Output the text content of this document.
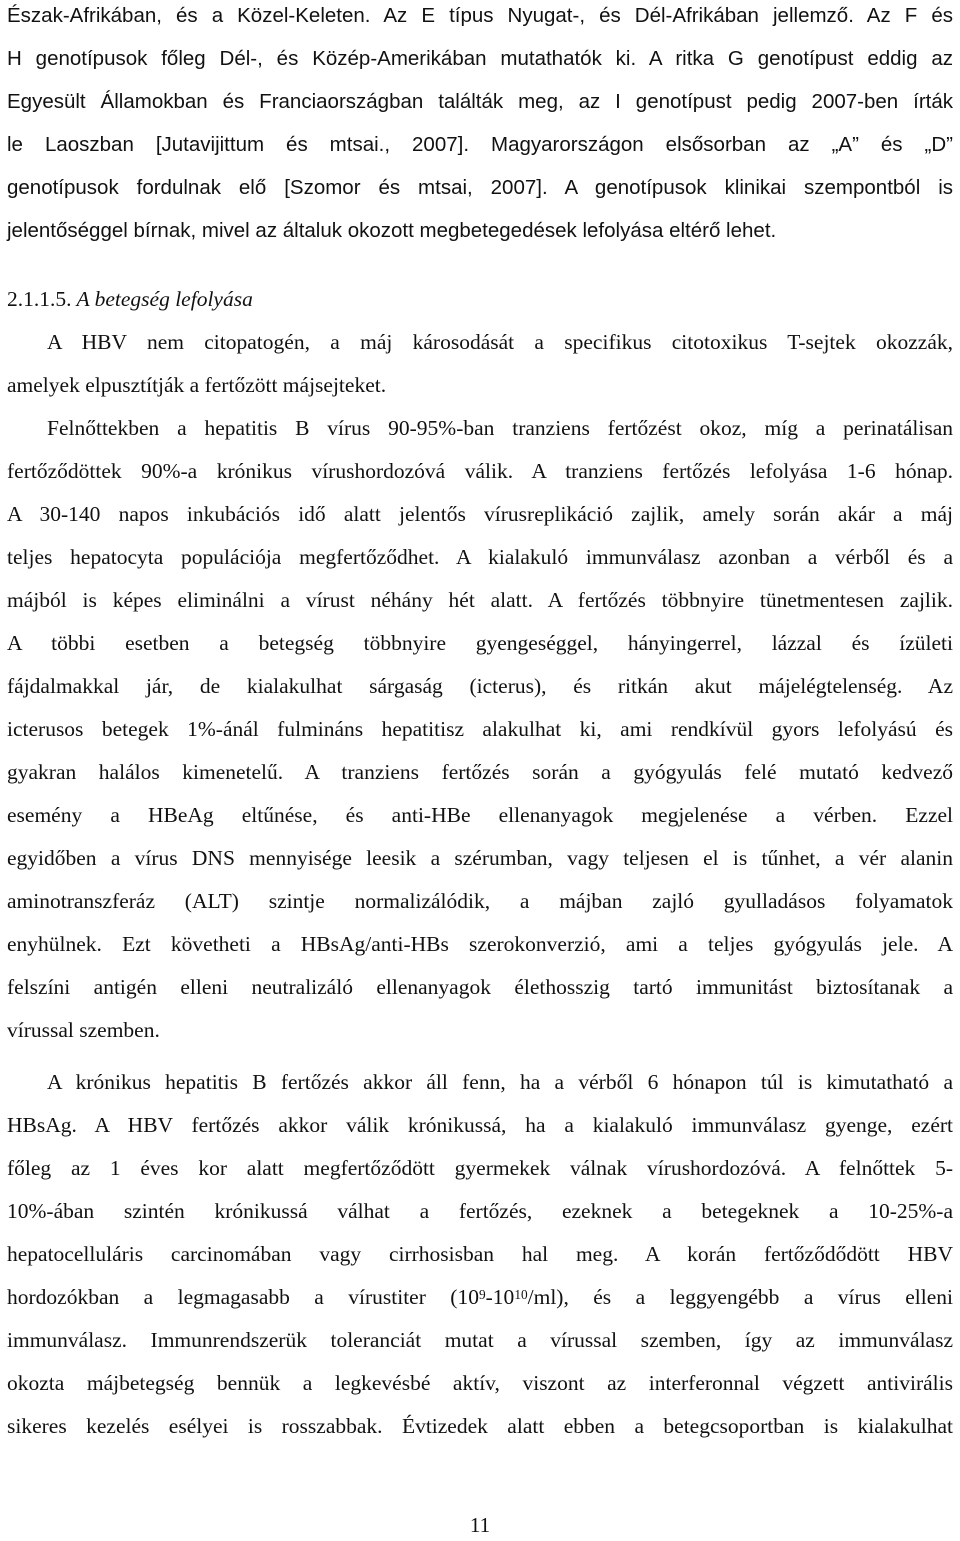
Észak-Afrikában, és a Közel-Keleten. Az E típus Nyugat-, és Dél-Afrikában jellemző. Az F és
H genotípusok főleg Dél-, és Közép-Amerikában mutathatók ki. A ritka G genotípust eddig az
Egyesült Államokban és Franciaországban találták meg, az I genotípust pedig 2007-ben írták
le Laoszban [Jutavijittum és mtsai., 2007]. Magyarországon elsősorban az „A” és „D”
genotípusok fordulnak elő [Szomor és mtsai, 2007]. A genotípusok klinikai szempontból is
jelentőséggel bírnak, mivel az általuk okozott megbetegedések lefolyása eltérő lehet.
2.1.1.5. A betegség lefolyása
A HBV nem citopatogén, a máj károsodását a specifikus citotoxikus T-sejtek okozzák,
amelyek elpusztítják a fertőzött májsejteket.
Felnőttekben a hepatitis B vírus 90-95%-ban tranziens fertőzést okoz, míg a perinatálisan
fertőződöttek 90%-a krónikus vírushordozóvá válik. A tranziens fertőzés lefolyása 1-6 hónap.
A 30-140 napos inkubációs idő alatt jelentős vírusreplikáció zajlik, amely során akár a máj
teljes hepatocyta populációja megfertőződhet. A kialakuló immunválasz azonban a vérből és a
májból is képes eliminálni a vírust néhány hét alatt. A fertőzés többnyire tünetmentesen zajlik.
A többi esetben a betegség többnyire gyengeséggel, hányingerrel, lázzal és ízületi
fájdalmakkal jár, de kialakulhat sárgaság (icterus), és ritkán akut májelégtelenség. Az
icterusos betegek 1%-ánál fulmináns hepatitisz alakulhat ki, ami rendkívül gyors lefolyású és
gyakran halálos kimenetelű. A tranziens fertőzés során a gyógyulás felé mutató kedvező
esemény a HBeAg eltűnése, és anti-HBe ellenanyagok megjelenése a vérben. Ezzel
egyidőben a vírus DNS mennyisége leesik a szérumban, vagy teljesen el is tűnhet, a vér alanin
aminotranszferáz (ALT) szintje normalizálódik, a májban zajló gyulladásos folyamatok
enyhülnek. Ezt követheti a HBsAg/anti-HBs szerokonverzió, ami a teljes gyógyulás jele. A
felszíni antigén elleni neutralizáló ellenanyagok élethosszig tartó immunitást biztosítanak a
vírussal szemben.
A krónikus hepatitis B fertőzés akkor áll fenn, ha a vérből 6 hónapon túl is kimutatható a
HBsAg. A HBV fertőzés akkor válik krónikussá, ha a kialakuló immunválasz gyenge, ezért
főleg az 1 éves kor alatt megfertőződött gyermekek válnak vírushordozóvá. A felnőttek 5-
10%-ában szintén krónikussá válhat a fertőzés, ezeknek a betegeknek a 10-25%-a
hepatocelluláris carcinomában vagy cirrhosisban hal meg. A korán fertőződődött HBV
hordozókban a legmagasabb a vírustiter $(10^9-10^{10}/ml)$, és a leggyengébb a vírus elleni
immunválasz. Immunrendszerük toleranciát mutat a vírussal szemben, így az immunválasz
okozta májbetegség bennük a legkevésbé aktív, viszont az interferonnal végzett antivirális
sikeres kezelés esélyei is rosszabbak. Évtizedek alatt ebben a betegcsoportban is kialakulhat
11
